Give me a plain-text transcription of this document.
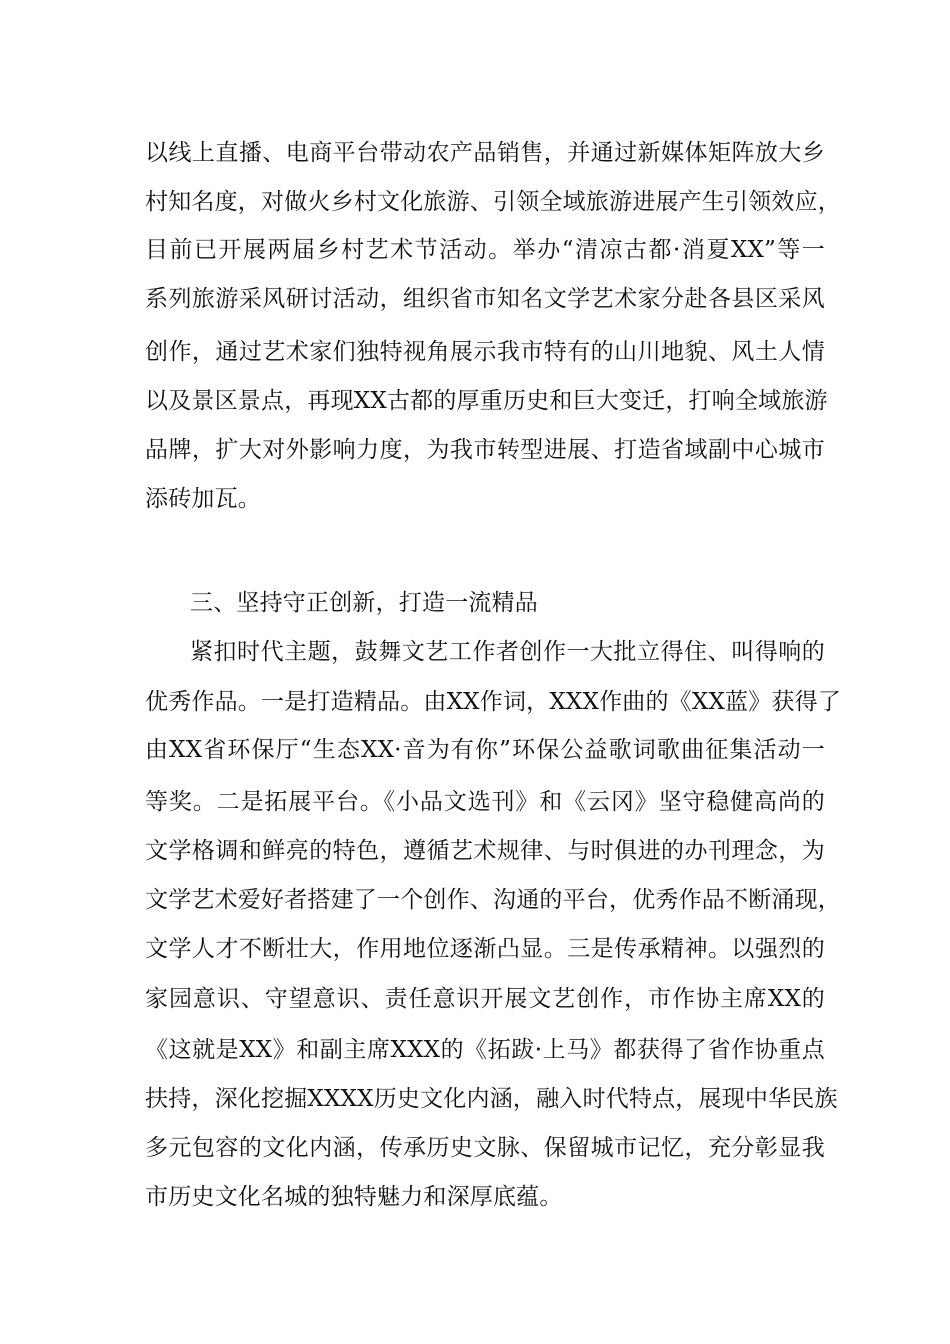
以线上直播、电商平台带动农产品销售，并通过新媒体矩阵放大乡
村知名度，对做火乡村文化旅游、引领全域旅游进展产生引领效应，
目前已开展两届乡村艺术节活动。举办“清凉古都·消夏XX”等一
系列旅游采风研讨活动，组织省市知名文学艺术家分赴各县区采风
创作，通过艺术家们独特视角展示我市特有的山川地貌、风土人情
以及景区景点，再现XX古都的厚重历史和巨大变迁，打响全域旅游
品牌，扩大对外影响力度，为我市转型进展、打造省域副中心城市
添砖加瓦。
三、坚持守正创新，打造一流精品
紧扣时代主题，鼓舞文艺工作者创作一大批立得住、叫得响的
优秀作品。一是打造精品。由XX作词，XXX作曲的《XX蓝》获得了
由XX省环保厅“生态XX·音为有你”环保公益歌词歌曲征集活动一
等奖。二是拓展平台。《小品文选刊》和《云冈》坚守稳健高尚的
文学格调和鲜亮的特色，遵循艺术规律、与时俱进的办刊理念，为
文学艺术爱好者搭建了一个创作、沟通的平台，优秀作品不断涌现，
文学人才不断壮大，作用地位逐渐凸显。三是传承精神。以强烈的
家园意识、守望意识、责任意识开展文艺创作，市作协主席XX的
《这就是XX》和副主席XXX的《拓跋·上马》都获得了省作协重点
扶持，深化挖掘XXXX历史文化内涵，融入时代特点，展现中华民族
多元包容的文化内涵，传承历史文脉、保留城市记忆，充分彰显我
市历史文化名城的独特魅力和深厚底蕴。
